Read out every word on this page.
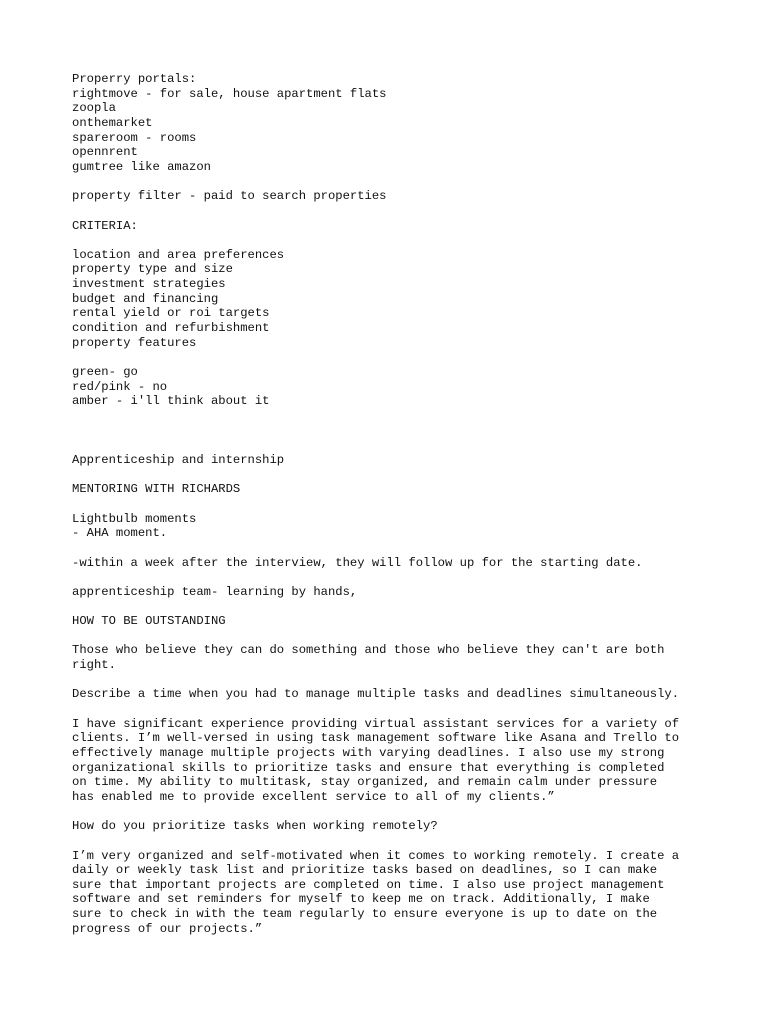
Properry portals:
rightmove - for sale, house apartment flats
zoopla
onthemarket
spareroom - rooms
opennrent
gumtree like amazon
property filter - paid to search properties
CRITERIA:
location and area preferences
property type and size
investment strategies
budget and financing
rental yield or roi targets
condition and refurbishment
property features
green- go
red/pink - no
amber - i'll think about it
Apprenticeship and internship
MENTORING WITH RICHARDS
Lightbulb moments
- AHA moment.
-within a week after the interview, they will follow up for the starting date.
apprenticeship team- learning by hands,
HOW TO BE OUTSTANDING
Those who believe they can do something and those who believe they can't are both
right.
Describe a time when you had to manage multiple tasks and deadlines simultaneously.
I have significant experience providing virtual assistant services for a variety of
clients. I’m well-versed in using task management software like Asana and Trello to
effectively manage multiple projects with varying deadlines. I also use my strong
organizational skills to prioritize tasks and ensure that everything is completed
on time. My ability to multitask, stay organized, and remain calm under pressure
has enabled me to provide excellent service to all of my clients.”
How do you prioritize tasks when working remotely?
I’m very organized and self-motivated when it comes to working remotely. I create a
daily or weekly task list and prioritize tasks based on deadlines, so I can make
sure that important projects are completed on time. I also use project management
software and set reminders for myself to keep me on track. Additionally, I make
sure to check in with the team regularly to ensure everyone is up to date on the
progress of our projects.”
